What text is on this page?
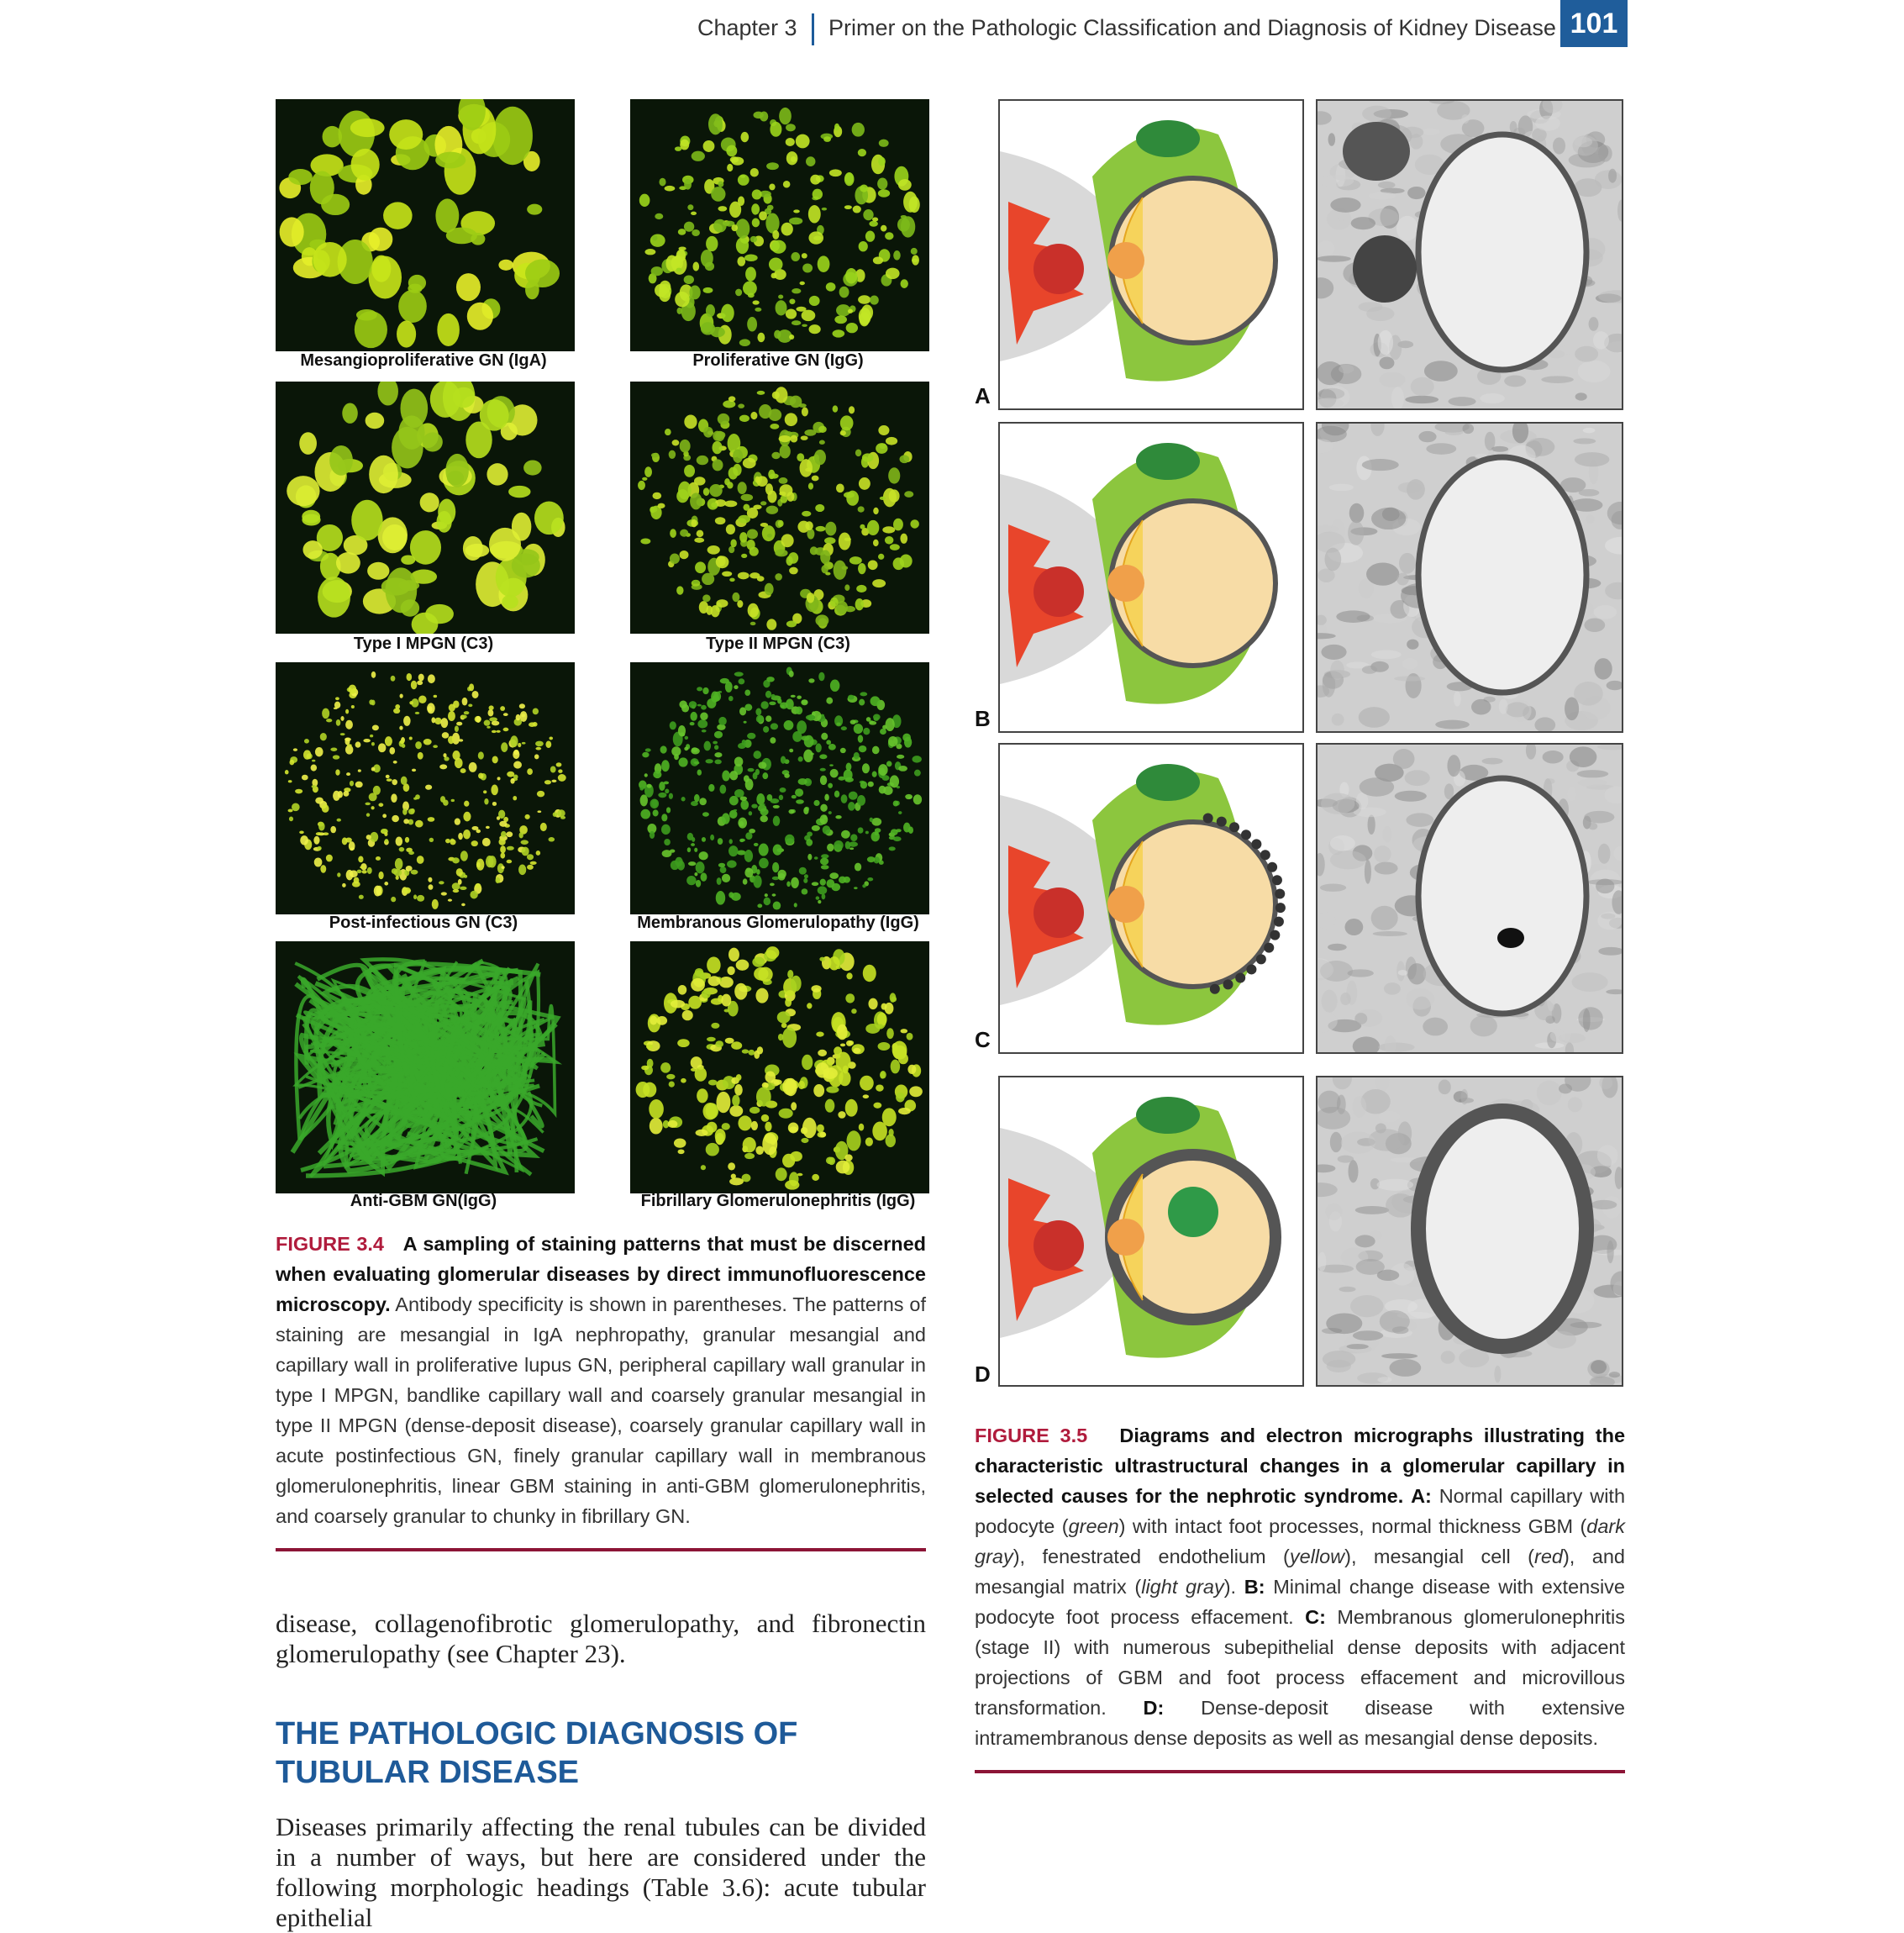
Chapter 3 Primer on the Pathologic Classification and Diagnosis of Kidney Disease 101
Mesangioproliferative GN (IgA)	Proliferative GN (IgG)
Type I MPGN (C3)	Type II MPGN (C3)
Post-infectious GN (C3)	Membranous Glomerulopathy (IgG)
Anti-GBM GN(IgG)	Fibrillary Glomerulonephritis (IgG)
FIGURE 3.4 A sampling of staining patterns that must be discerned when evaluating glomerular diseases by direct immunofluorescence microscopy. Antibody specificity is shown in parentheses. The patterns of staining are mesangial in IgA nephropathy, granular mesangial and capillary wall in proliferative lupus GN, peripheral capillary wall granular in type I MPGN, bandlike capillary wall and coarsely granular mesangial in type II MPGN (dense-deposit disease), coarsely granular capillary wall in acute postinfectious GN, finely granular capillary wall in membranous glomerulonephritis, linear GBM staining in anti-GBM glomerulonephritis, and coarsely granular to chunky in fibrillary GN.
disease, collagenofibrotic glomerulopathy, and fibronectin glomerulopathy (see Chapter 23).
THE PATHOLOGIC DIAGNOSIS OF TUBULAR DISEASE
Diseases primarily affecting the renal tubules can be divided in a number of ways, but here are considered under the following morphologic headings (Table 3.6): acute tubular epithelial
A
B
C
D
FIGURE 3.5 Diagrams and electron micrographs illustrating the characteristic ultrastructural changes in a glomerular capillary in selected causes for the nephrotic syndrome. A: Normal capillary with podocyte (green) with intact foot processes, normal thickness GBM (dark gray), fenestrated endothelium (yellow), mesangial cell (red), and mesangial matrix (light gray). B: Minimal change disease with extensive podocyte foot process effacement. C: Membranous glomerulonephritis (stage II) with numerous subepithelial dense deposits with adjacent projections of GBM and foot process effacement and microvillous transformation. D: Dense-deposit disease with extensive intramembranous dense deposits as well as mesangial dense deposits.
